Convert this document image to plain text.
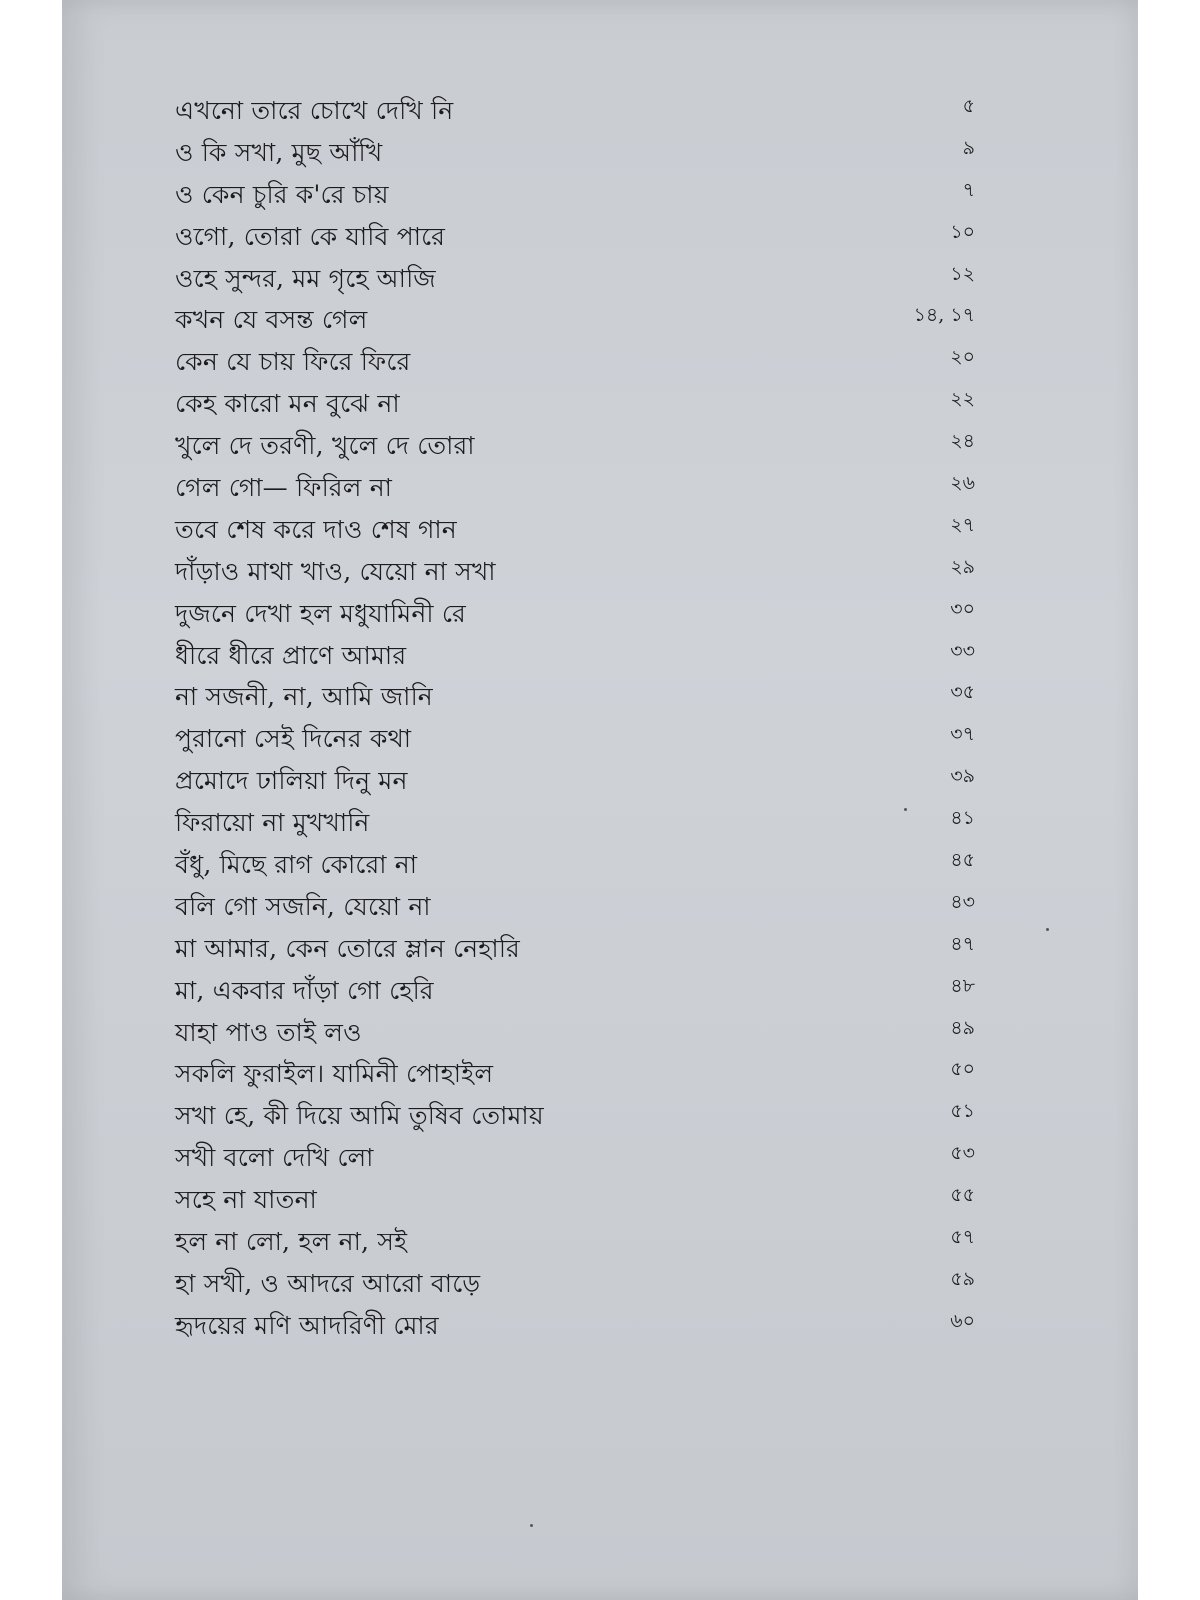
এখনো তারে চোখে দেখি নি	৫
ও কি সখা, মুছ আঁখি	৯
ও কেন চুরি ক'রে চায়	৭
ওগো, তোরা কে যাবি পারে	১০
ওহে সুন্দর, মম গৃহে আজি	১২
কখন যে বসন্ত গেল	১৪, ১৭
কেন যে চায় ফিরে ফিরে	২০
কেহ কারো মন বুঝে না	২২
খুলে দে তরণী, খুলে দে তোরা	২৪
গেল গো— ফিরিল না	২৬
তবে শেষ করে দাও শেষ গান	২৭
দাঁড়াও মাথা খাও, যেয়ো না সখা	২৯
দুজনে দেখা হল মধুযামিনী রে	৩০
ধীরে ধীরে প্রাণে আমার	৩৩
না সজনী, না, আমি জানি	৩৫
পুরানো সেই দিনের কথা	৩৭
প্রমোদে ঢালিয়া দিনু মন	৩৯
ফিরায়ো না মুখখানি	৪১
বঁধু, মিছে রাগ কোরো না	৪৫
বলি গো সজনি, যেয়ো না	৪৩
মা আমার, কেন তোরে ম্লান নেহারি	৪৭
মা, একবার দাঁড়া গো হেরি	৪৮
যাহা পাও তাই লও	৪৯
সকলি ফুরাইল। যামিনী পোহাইল	৫০
সখা হে, কী দিয়ে আমি তুষিব তোমায়	৫১
সখী বলো দেখি লো	৫৩
সহে না যাতনা	৫৫
হল না লো, হল না, সই	৫৭
হা সখী, ও আদরে আরো বাড়ে	৫৯
হৃদয়ের মণি আদরিণী মোর	৬০
